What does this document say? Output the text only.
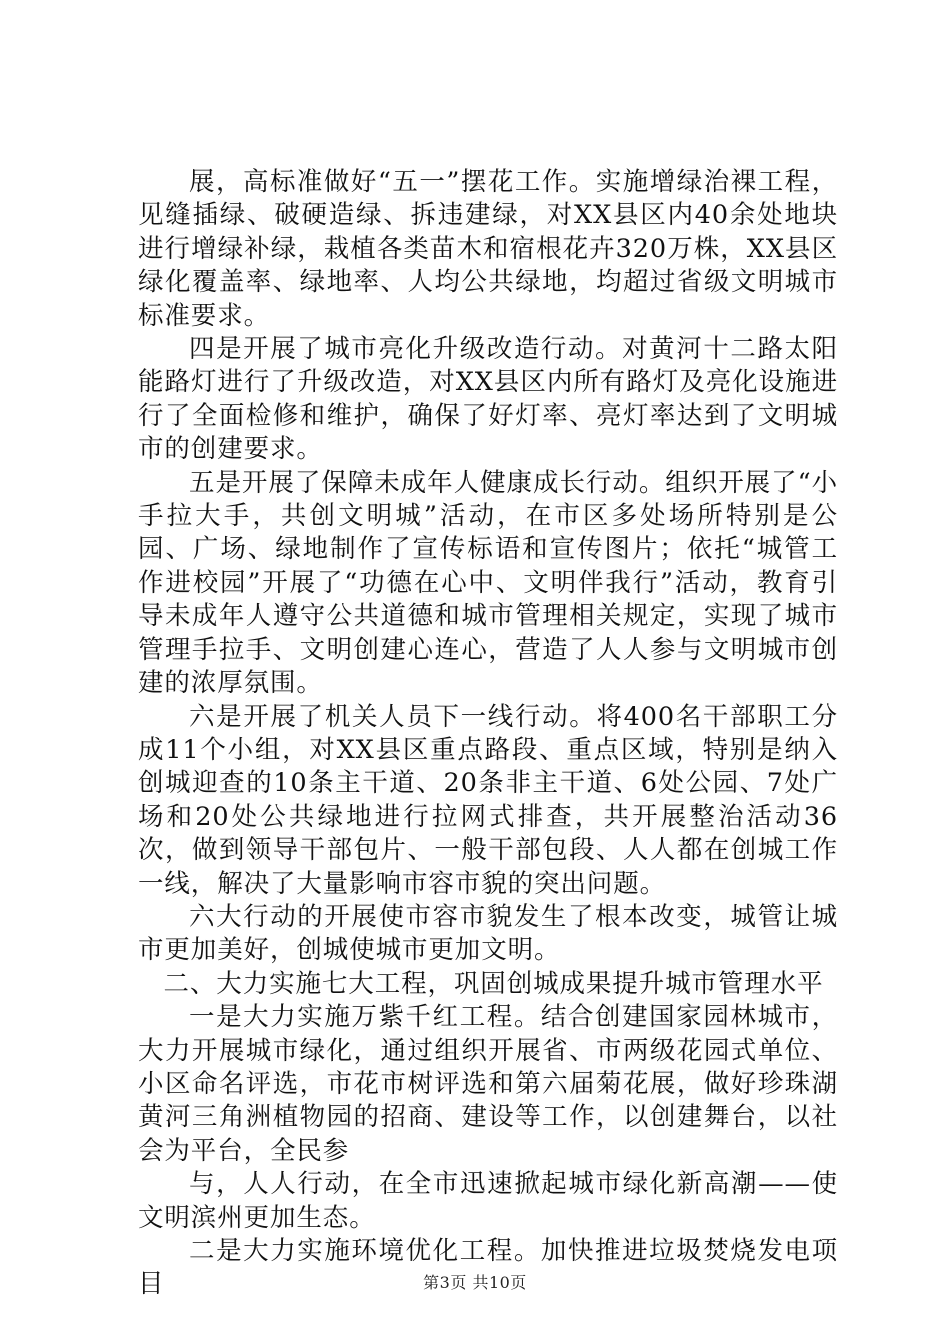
展，高标准做好“五一”摆花工作。实施增绿治裸工程，见缝插绿、破硬造绿、拆违建绿，对XX县区内40余处地块进行增绿补绿，栽植各类苗木和宿根花卉320万株，XX县区绿化覆盖率、绿地率、人均公共绿地，均超过省级文明城市标准要求。

四是开展了城市亮化升级改造行动。对黄河十二路太阳能路灯进行了升级改造，对XX县区内所有路灯及亮化设施进行了全面检修和维护，确保了好灯率、亮灯率达到了文明城市的创建要求。

五是开展了保障未成年人健康成长行动。组织开展了“小手拉大手，共创文明城”活动，在市区多处场所特别是公园、广场、绿地制作了宣传标语和宣传图片；依托“城管工作进校园”开展了“功德在心中、文明伴我行”活动，教育引导未成年人遵守公共道德和城市管理相关规定，实现了城市管理手拉手、文明创建心连心，营造了人人参与文明城市创建的浓厚氛围。

六是开展了机关人员下一线行动。将400名干部职工分成11个小组，对XX县区重点路段、重点区域，特别是纳入创城迎查的10条主干道、20条非主干道、6处公园、7处广场和20处公共绿地进行拉网式排查，共开展整治活动36次，做到领导干部包片、一般干部包段、人人都在创城工作一线，解决了大量影响市容市貌的突出问题。

六大行动的开展使市容市貌发生了根本改变，城管让城市更加美好，创城使城市更加文明。

二、大力实施七大工程，巩固创城成果提升城市管理水平

一是大力实施万紫千红工程。结合创建国家园林城市，大力开展城市绿化，通过组织开展省、市两级花园式单位、小区命名评选，市花市树评选和第六届菊花展，做好珍珠湖黄河三角洲植物园的招商、建设等工作，以创建舞台，以社会为平台，全民参

与，人人行动，在全市迅速掀起城市绿化新高潮——使文明滨州更加生态。

二是大力实施环境优化工程。加快推进垃圾焚烧发电项目	第3页 共10页
